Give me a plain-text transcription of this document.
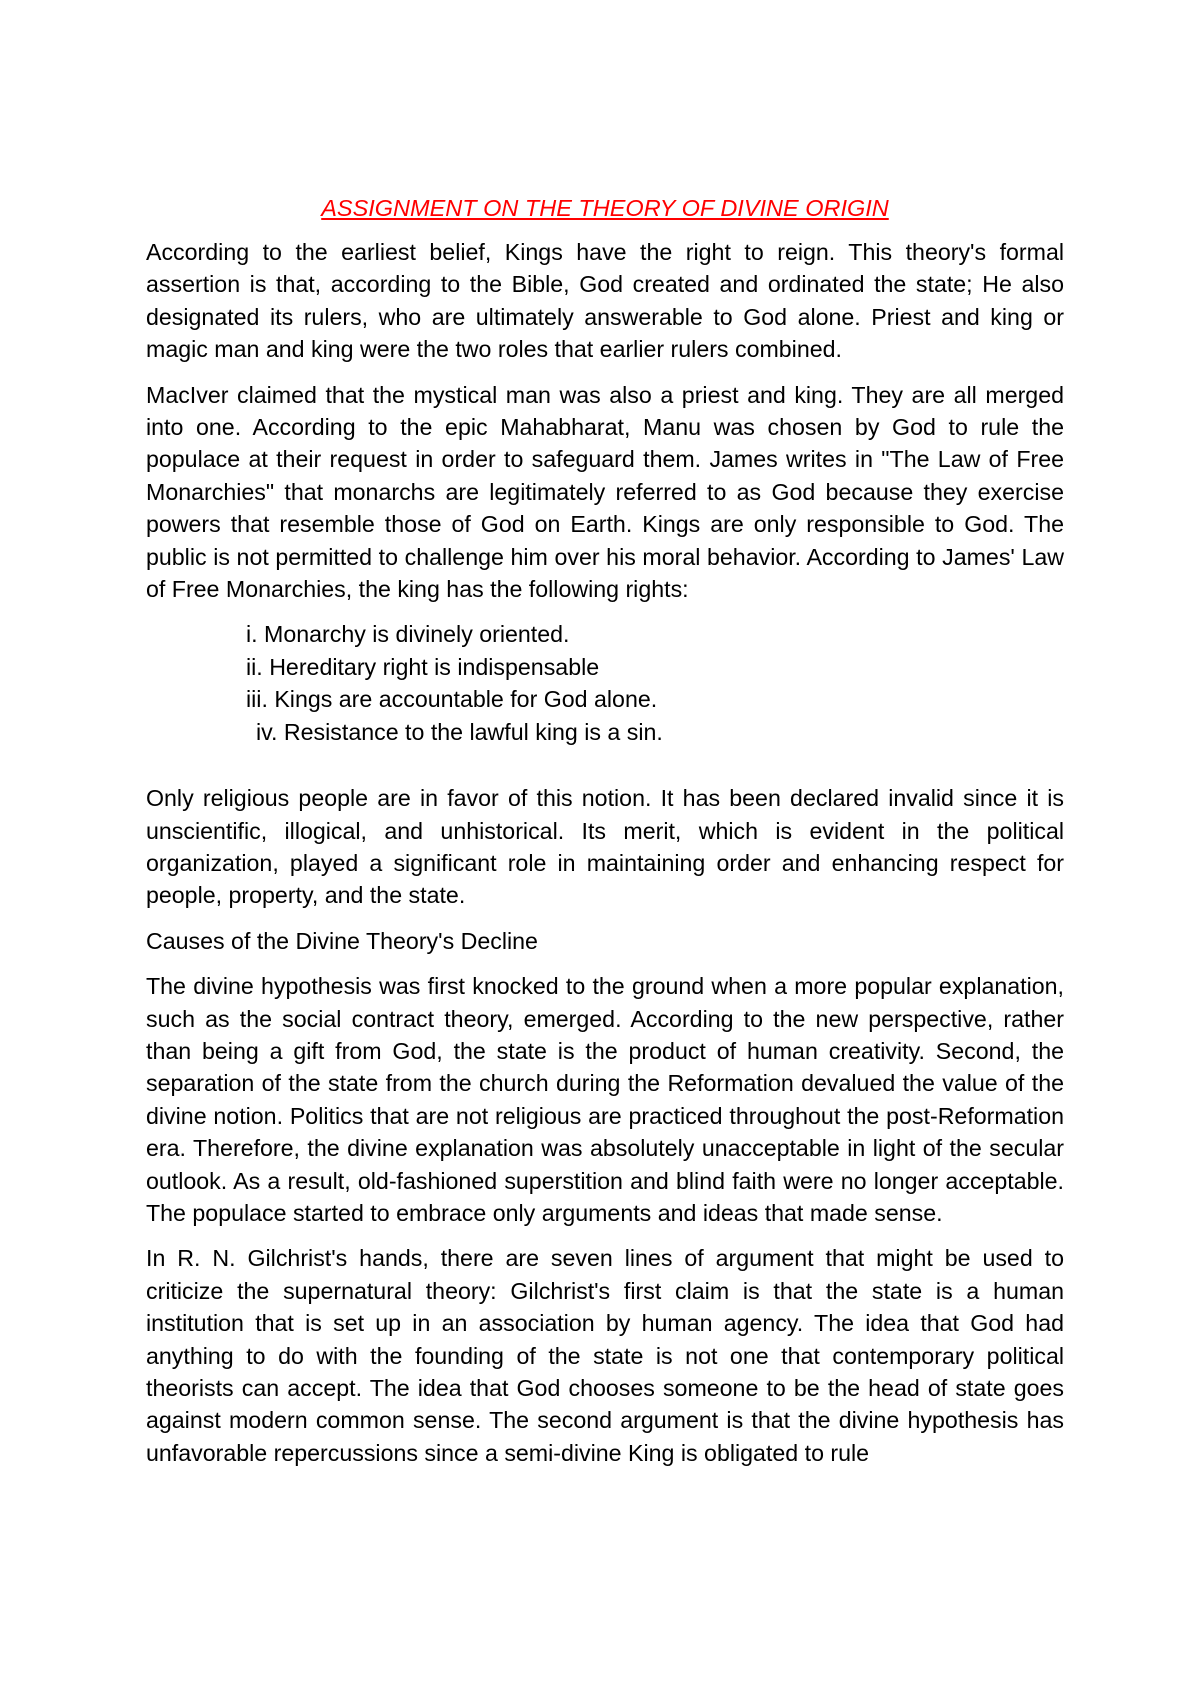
ASSIGNMENT ON THE THEORY OF DIVINE ORIGIN

According to the earliest belief, Kings have the right to reign. This theory's formal assertion is that, according to the Bible, God created and ordinated the state; He also designated its rulers, who are ultimately answerable to God alone. Priest and king or magic man and king were the two roles that earlier rulers combined.

MacIver claimed that the mystical man was also a priest and king. They are all merged into one. According to the epic Mahabharat, Manu was chosen by God to rule the populace at their request in order to safeguard them. James writes in "The Law of Free Monarchies" that monarchs are legitimately referred to as God because they exercise powers that resemble those of God on Earth. Kings are only responsible to God. The public is not permitted to challenge him over his moral behavior. According to James' Law of Free Monarchies, the king has the following rights:

i. Monarchy is divinely oriented.
ii. Hereditary right is indispensable
iii. Kings are accountable for God alone.
iv. Resistance to the lawful king is a sin.

Only religious people are in favor of this notion. It has been declared invalid since it is unscientific, illogical, and unhistorical. Its merit, which is evident in the political organization, played a significant role in maintaining order and enhancing respect for people, property, and the state.

Causes of the Divine Theory's Decline

The divine hypothesis was first knocked to the ground when a more popular explanation, such as the social contract theory, emerged. According to the new perspective, rather than being a gift from God, the state is the product of human creativity. Second, the separation of the state from the church during the Reformation devalued the value of the divine notion. Politics that are not religious are practiced throughout the post-Reformation era. Therefore, the divine explanation was absolutely unacceptable in light of the secular outlook. As a result, old-fashioned superstition and blind faith were no longer acceptable. The populace started to embrace only arguments and ideas that made sense.

In R. N. Gilchrist's hands, there are seven lines of argument that might be used to criticize the supernatural theory: Gilchrist's first claim is that the state is a human institution that is set up in an association by human agency. The idea that God had anything to do with the founding of the state is not one that contemporary political theorists can accept. The idea that God chooses someone to be the head of state goes against modern common sense. The second argument is that the divine hypothesis has unfavorable repercussions since a semi-divine King is obligated to rule
